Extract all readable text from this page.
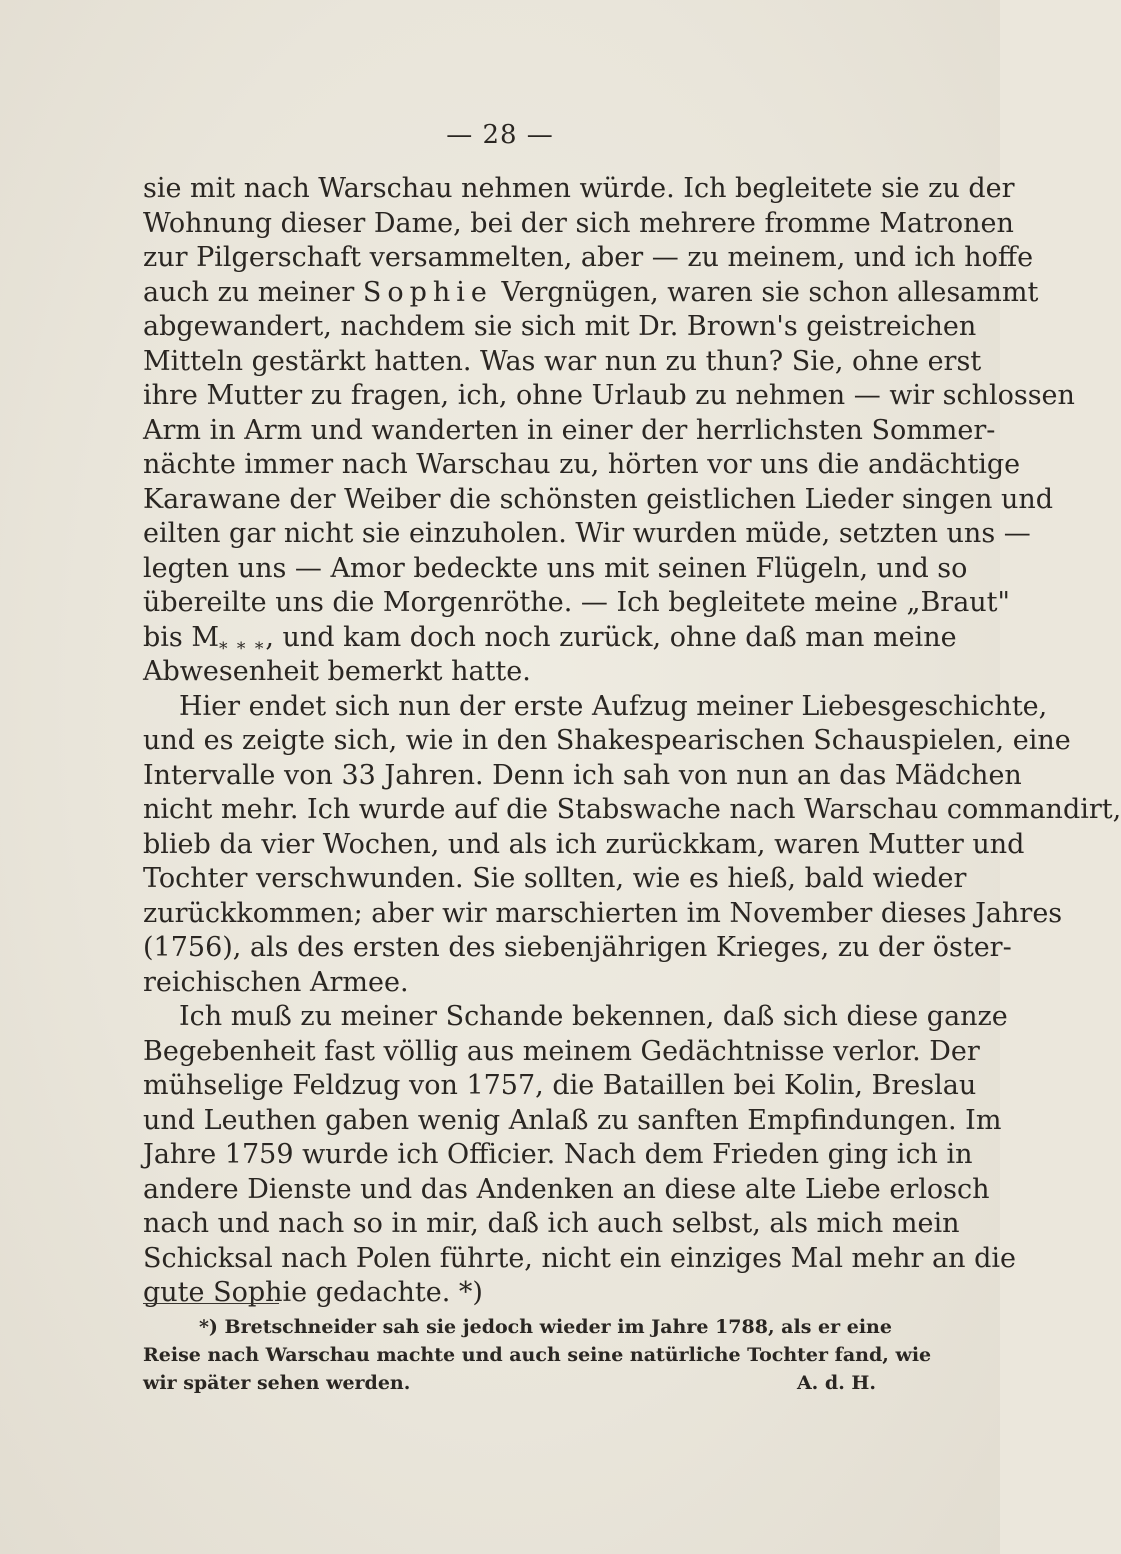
— 28 —
sie mit nach Warschau nehmen würde. Ich begleitete sie zu der
Wohnung dieser Dame, bei der sich mehrere fromme Matronen
zur Pilgerschaft versammelten, aber — zu meinem, und ich hoffe
auch zu meiner Sophie Vergnügen, waren sie schon allesammt
abgewandert, nachdem sie sich mit Dr. Brown's geistreichen
Mitteln gestärkt hatten. Was war nun zu thun? Sie, ohne erst
ihre Mutter zu fragen, ich, ohne Urlaub zu nehmen — wir schlossen
Arm in Arm und wanderten in einer der herrlichsten Sommer-
nächte immer nach Warschau zu, hörten vor uns die andächtige
Karawane der Weiber die schönsten geistlichen Lieder singen und
eilten gar nicht sie einzuholen. Wir wurden müde, setzten uns —
legten uns — Amor bedeckte uns mit seinen Flügeln, und so
übereilte uns die Morgenröthe. — Ich begleitete meine „Braut"
bis $M_{* * *}$, und kam doch noch zurück, ohne daß man meine
Abwesenheit bemerkt hatte.
Hier endet sich nun der erste Aufzug meiner Liebesgeschichte,
und es zeigte sich, wie in den Shakespearischen Schauspielen, eine
Intervalle von 33 Jahren. Denn ich sah von nun an das Mädchen
nicht mehr. Ich wurde auf die Stabswache nach Warschau commandirt,
blieb da vier Wochen, und als ich zurückkam, waren Mutter und
Tochter verschwunden. Sie sollten, wie es hieß, bald wieder
zurückkommen; aber wir marschierten im November dieses Jahres
(1756), als des ersten des siebenjährigen Krieges, zu der öster-
reichischen Armee.
Ich muß zu meiner Schande bekennen, daß sich diese ganze
Begebenheit fast völlig aus meinem Gedächtnisse verlor. Der
mühselige Feldzug von 1757, die Bataillen bei Kolin, Breslau
und Leuthen gaben wenig Anlaß zu sanften Empfindungen. Im
Jahre 1759 wurde ich Officier. Nach dem Frieden ging ich in
andere Dienste und das Andenken an diese alte Liebe erlosch
nach und nach so in mir, daß ich auch selbst, als mich mein
Schicksal nach Polen führte, nicht ein einziges Mal mehr an die
gute Sophie gedachte. *)
*) Bretschneider sah sie jedoch wieder im Jahre 1788, als er eine
Reise nach Warschau machte und auch seine natürliche Tochter fand, wie
wir später sehen werden.	A. d. H.
